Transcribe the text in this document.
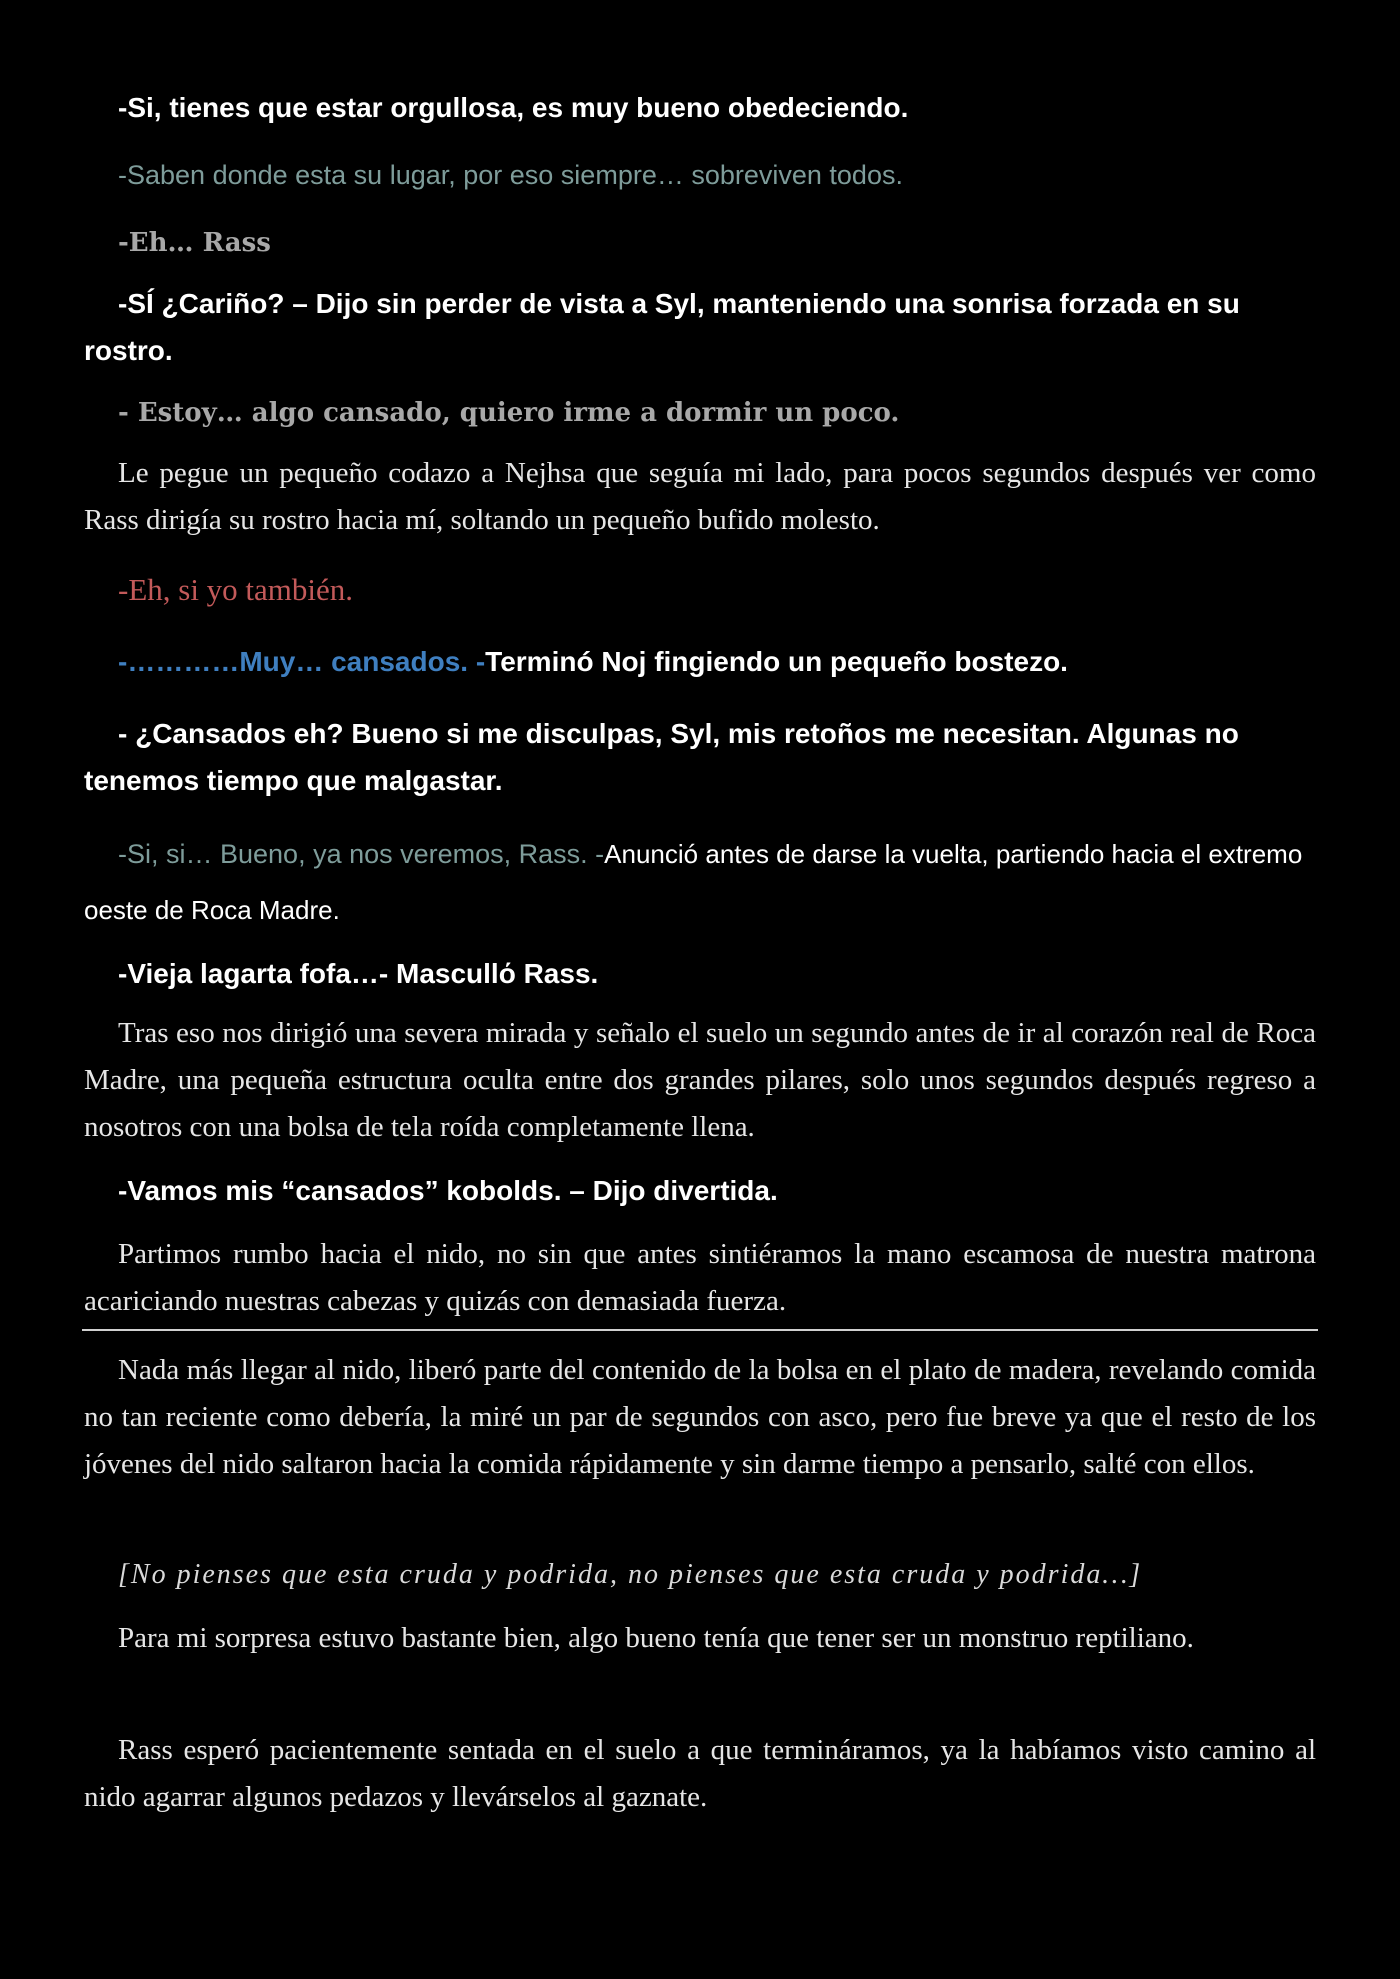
-Si, tienes que estar orgullosa, es muy bueno obedeciendo.

-Saben donde esta su lugar, por eso siempre… sobreviven todos.

-Eh… Rass

-SÍ ¿Cariño? – Dijo sin perder de vista a Syl, manteniendo una sonrisa forzada en su rostro.

- Estoy… algo cansado, quiero irme a dormir un poco.

Le pegue un pequeño codazo a Nejhsa que seguía mi lado, para pocos segundos después ver como Rass dirigía su rostro hacia mí, soltando un pequeño bufido molesto.

-Eh, si yo también.

-…………Muy… cansados. -Terminó Noj fingiendo un pequeño bostezo.

- ¿Cansados eh? Bueno si me disculpas, Syl, mis retoños me necesitan. Algunas no tenemos tiempo que malgastar.

-Si, si… Bueno, ya nos veremos, Rass. -Anunció antes de darse la vuelta, partiendo hacia el extremo oeste de Roca Madre.

-Vieja lagarta fofa…- Mascullό Rass.

Tras eso nos dirigió una severa mirada y señalo el suelo un segundo antes de ir al corazón real de Roca Madre, una pequeña estructura oculta entre dos grandes pilares, solo unos segundos después regreso a nosotros con una bolsa de tela roída completamente llena.

-Vamos mis “cansados” kobolds. – Dijo divertida.

Partimos rumbo hacia el nido, no sin que antes sintiéramos la mano escamosa de nuestra matrona acariciando nuestras cabezas y quizás con demasiada fuerza.

Nada más llegar al nido, liberó parte del contenido de la bolsa en el plato de madera, revelando comida no tan reciente como debería, la miré un par de segundos con asco, pero fue breve ya que el resto de los jóvenes del nido saltaron hacia la comida rápidamente y sin darme tiempo a pensarlo, salté con ellos.

[No pienses que esta cruda y podrida, no pienses que esta cruda y podrida…]

Para mi sorpresa estuvo bastante bien, algo bueno tenía que tener ser un monstruo reptiliano.

Rass esperó pacientemente sentada en el suelo a que termináramos, ya la habíamos visto camino al nido agarrar algunos pedazos y llevárselos al gaznate.
